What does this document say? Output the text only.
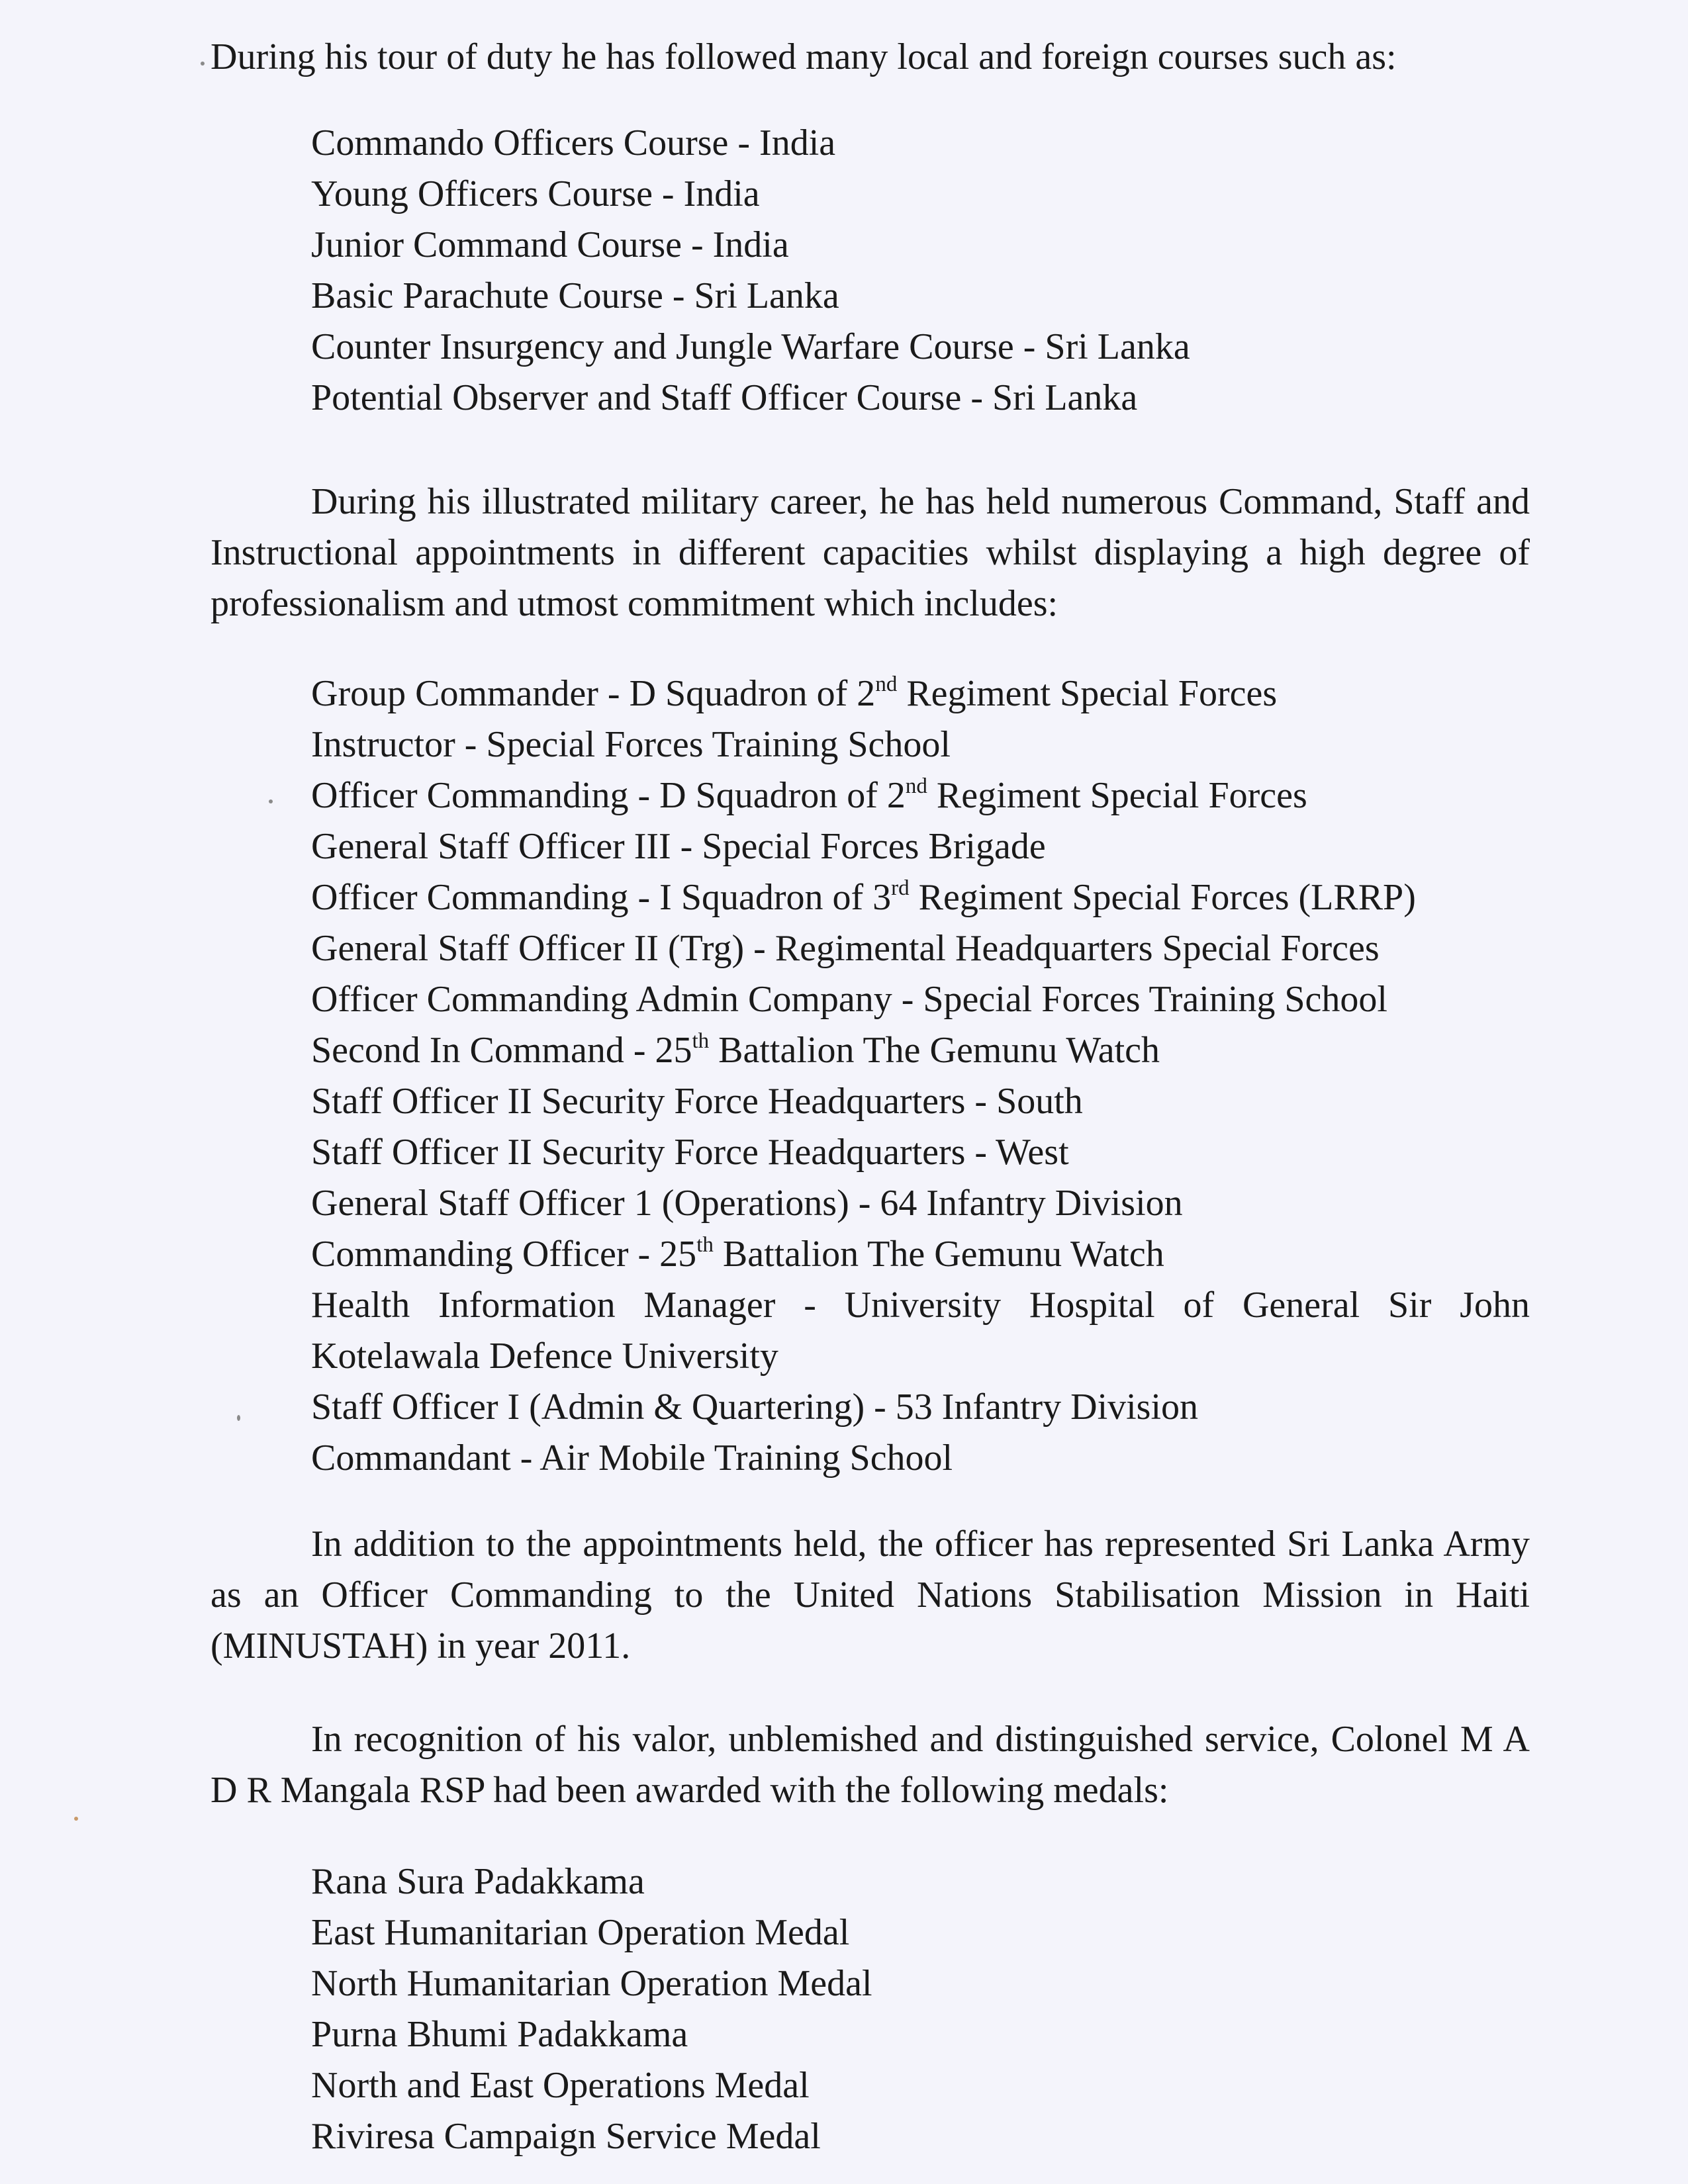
During his tour of duty he has followed many local and foreign courses such as:

Commando Officers Course - India
Young Officers Course - India
Junior Command Course - India
Basic Parachute Course - Sri Lanka
Counter Insurgency and Jungle Warfare Course - Sri Lanka
Potential Observer and Staff Officer Course - Sri Lanka

During his illustrated military career, he has held numerous Command, Staff and Instructional appointments in different capacities whilst displaying a high degree of professionalism and utmost commitment which includes:

Group Commander - D Squadron of 2nd Regiment Special Forces
Instructor - Special Forces Training School
Officer Commanding - D Squadron of 2nd Regiment Special Forces
General Staff Officer III - Special Forces Brigade
Officer Commanding - I Squadron of 3rd Regiment Special Forces (LRRP)
General Staff Officer II (Trg) - Regimental Headquarters Special Forces
Officer Commanding Admin Company - Special Forces Training School
Second In Command - 25th Battalion The Gemunu Watch
Staff Officer II Security Force Headquarters - South
Staff Officer II Security Force Headquarters - West
General Staff Officer 1 (Operations) - 64 Infantry Division
Commanding Officer - 25th Battalion The Gemunu Watch
Health Information Manager - University Hospital of General Sir John Kotelawala Defence University
Staff Officer I (Admin & Quartering) - 53 Infantry Division
Commandant - Air Mobile Training School

In addition to the appointments held, the officer has represented Sri Lanka Army as an Officer Commanding to the United Nations Stabilisation Mission in Haiti (MINUSTAH) in year 2011.

In recognition of his valor, unblemished and distinguished service, Colonel M A D R Mangala RSP had been awarded with the following medals:

Rana Sura Padakkama
East Humanitarian Operation Medal
North Humanitarian Operation Medal
Purna Bhumi Padakkama
North and East Operations Medal
Riviresa Campaign Service Medal
